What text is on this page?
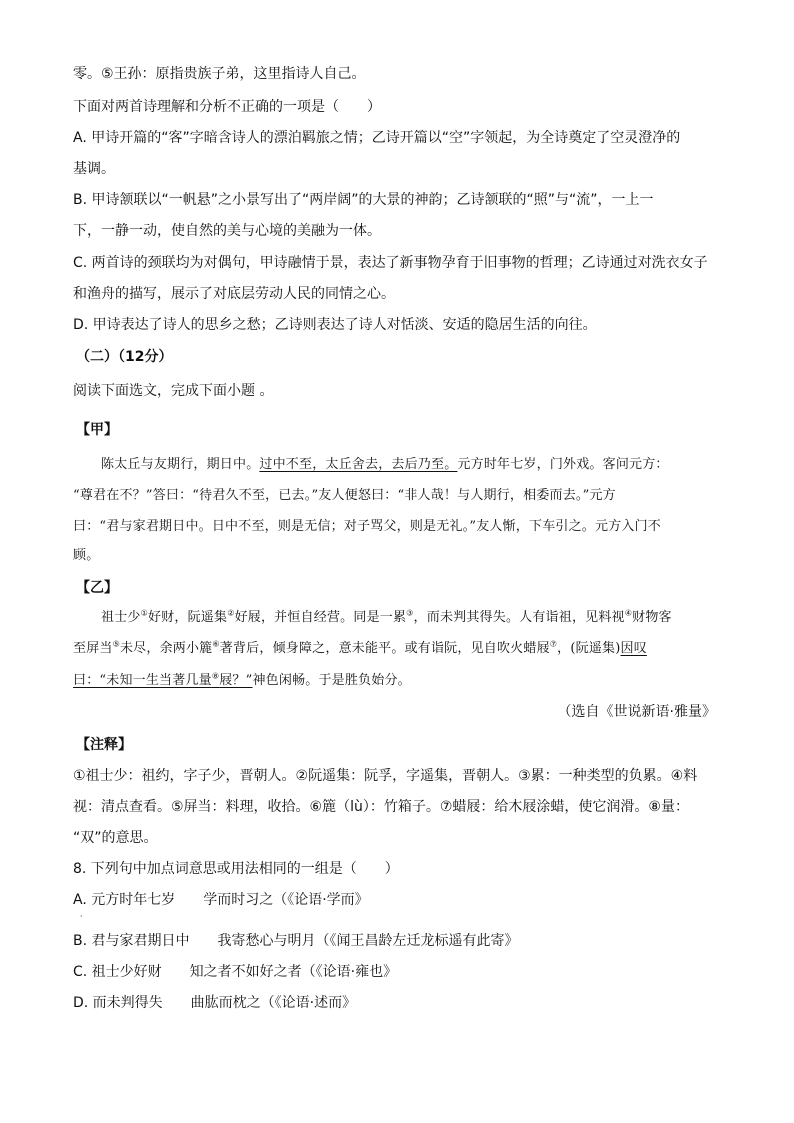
零。⑤王孙：原指贵族子弟，这里指诗人自己。
下面对两首诗理解和分析不正确的一项是（　　）
A. 甲诗开篇的“客”字暗含诗人的漂泊羁旅之情；乙诗开篇以“空”字领起，为全诗奠定了空灵澄净的
基调。
B. 甲诗颔联以“一帆悬”之小景写出了“两岸阔”的大景的神韵；乙诗颔联的“照”与“流”，一上一
下，一静一动，使自然的美与心境的美融为一体。
C. 两首诗的颈联均为对偶句，甲诗融情于景，表达了新事物孕育于旧事物的哲理；乙诗通过对洗衣女子
和渔舟的描写，展示了对底层劳动人民的同情之心。
D. 甲诗表达了诗人的思乡之愁；乙诗则表达了诗人对恬淡、安适的隐居生活的向往。
（二）（12分）
阅读下面选文，完成下面小题 。
【甲】
陈太丘与友期行，期日中。过中不至，太丘舍去，去后乃至。元方时年七岁，门外戏。客问元方：
“尊君在不？”答曰：“待君久不至，已去。”友人便怒曰：“非人哉！与人期行，相委而去。”元方
曰：“君与家君期日中。日中不至，则是无信；对子骂父，则是无礼。”友人惭，下车引之。元方入门不
顾。
【乙】
祖士少①好财，阮遥集②好屐，并恒自经营。同是一累③，而未判其得失。人有诣祖，见料视④财物客
至屏当⑤未尽，余两小簏⑥著背后，倾身障之，意未能平。或有诣阮，见自吹火蜡屐⑦，(阮遥集)因叹
曰：“未知一生当著几量⑧屐？”神色闲畅。于是胜负始分。
（选自《世说新语·雅量》
【注释】
①祖士少：祖约，字子少，晋朝人。②阮遥集：阮孚，字遥集，晋朝人。③累：一种类型的负累。④料
视：清点查看。⑤屏当：料理，收拾。⑥簏（lù）：竹箱子。⑦蜡屐：给木屐涂蜡，使它润滑。⑧量：
“双”的意思。
8. 下列句中加点词意思或用法相同的一组是（　　）
A. 元方时年七岁　　学而时习之（《论语·学而》
·
B. 君与家君期日中　　我寄愁心与明月（《闻王昌龄左迁龙标遥有此寄》
C. 祖士少好财　　知之者不如好之者（《论语·雍也》
D. 而未判得失　　曲肱而枕之（《论语·述而》
